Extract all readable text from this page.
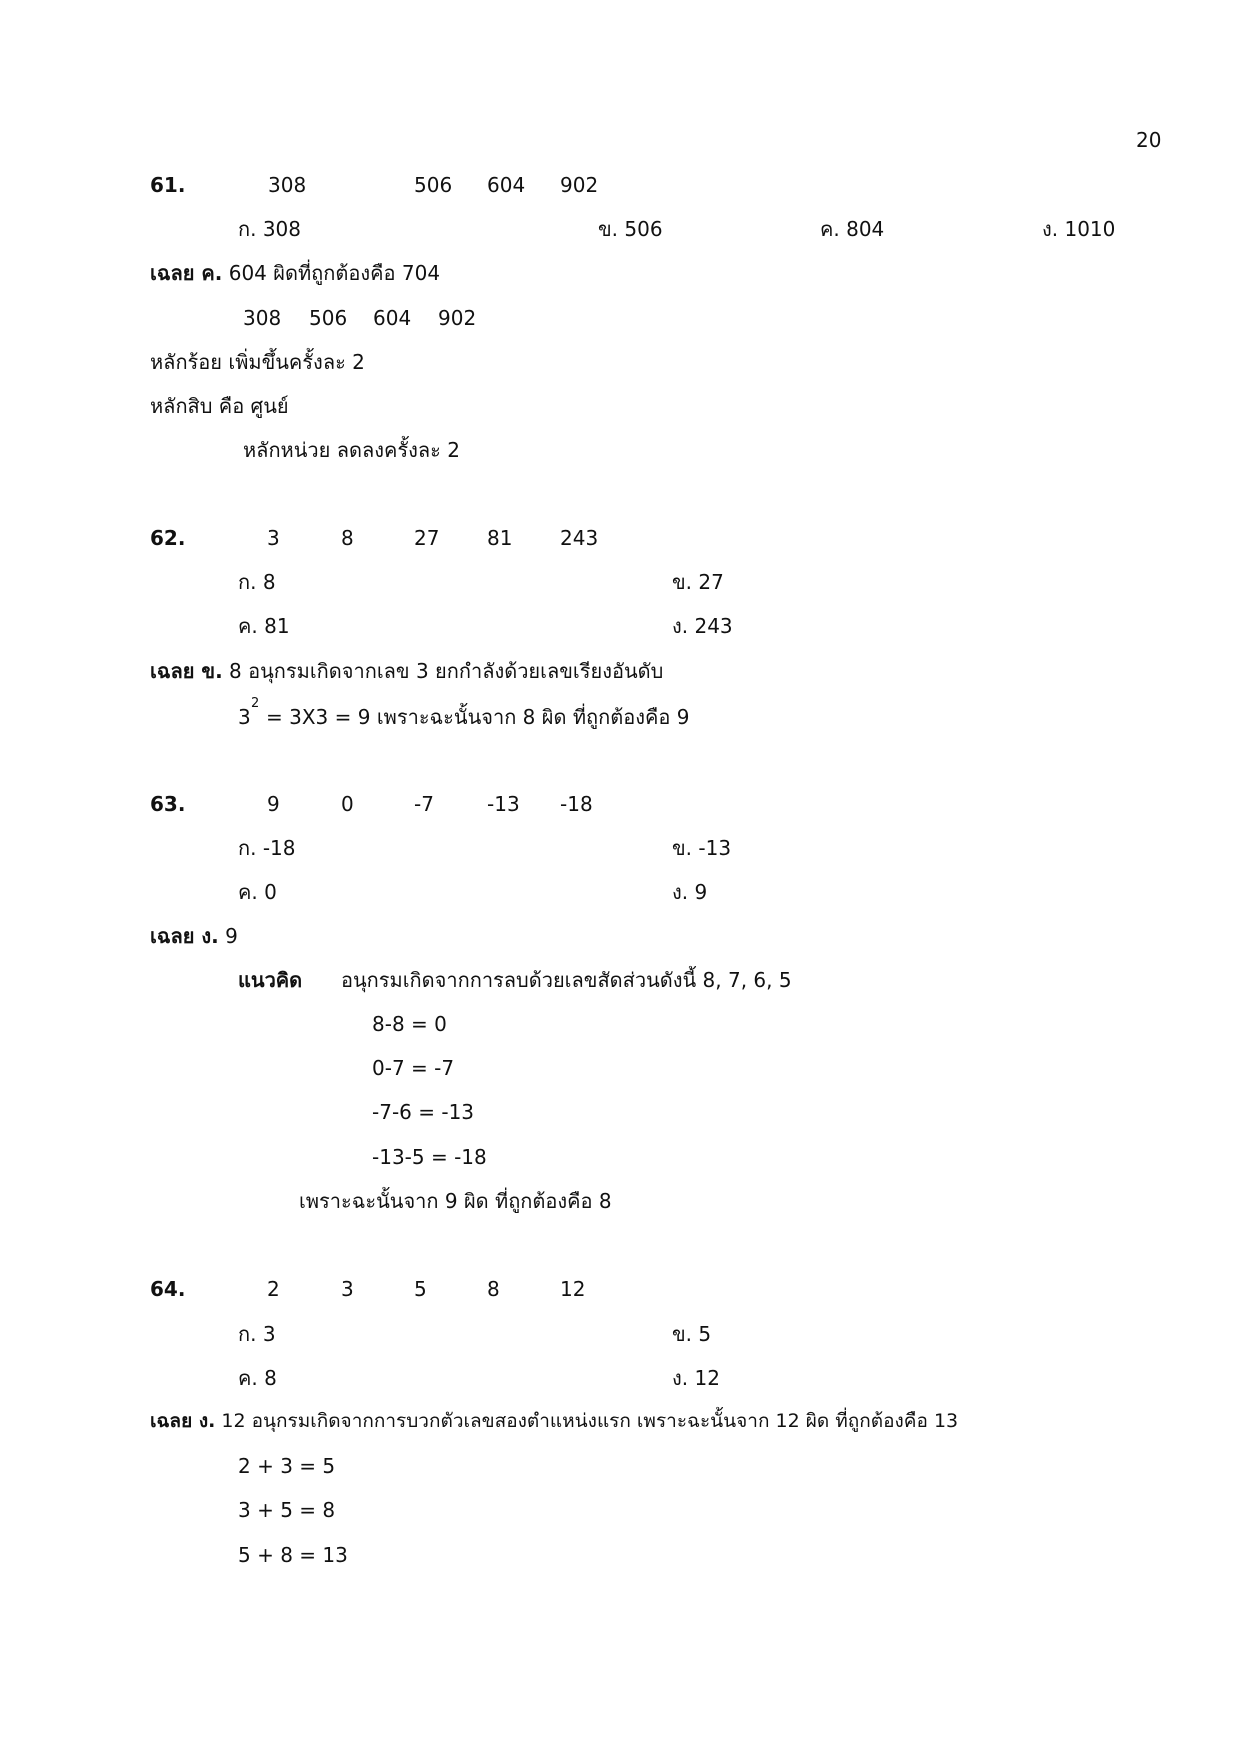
20
61.	308	506 604 902
ก. 308	ข. 506	ค. 804	ง. 1010
เฉลย ค. 604 ผิดที่ถูกต้องคือ 704
308 506 604 902
หลักร้อย เพิ่มขึ้นครั้งละ 2
หลักสิบ คือ ศูนย์
หลักหน่วย ลดลงครั้งละ 2
62.	3	8	27 81 243
ก. 8	ข. 27
ค. 81	ง. 243
เฉลย ข. 8 อนุกรมเกิดจากเลข 3 ยกกำลังด้วยเลขเรียงอันดับ
3
2
= 3X3 = 9 เพราะฉะนั้นจาก 8 ผิด ที่ถูกต้องคือ 9
63.	9	0	-7	-13 -18
ก. -18	ข. -13
ค. 0	ง. 9
เฉลย ง. 9
แนวคิด อนุกรมเกิดจากการลบด้วยเลขสัดส่วนดังนี้ 8, 7, 6, 5
8-8 = 0
0-7 = -7
-7-6 = -13
-13-5 = -18
เพราะฉะนั้นจาก 9 ผิด ที่ถูกต้องคือ 8
64.	2	3	5	8	12
ก. 3	ข. 5
ค. 8	ง. 12
เฉลย ง. 12 อนุกรมเกิดจากการบวกตัวเลขสองตำแหน่งแรก เพราะฉะนั้นจาก 12 ผิด ที่ถูกต้องคือ 13
2 + 3 = 5
3 + 5 = 8
5 + 8 = 13
